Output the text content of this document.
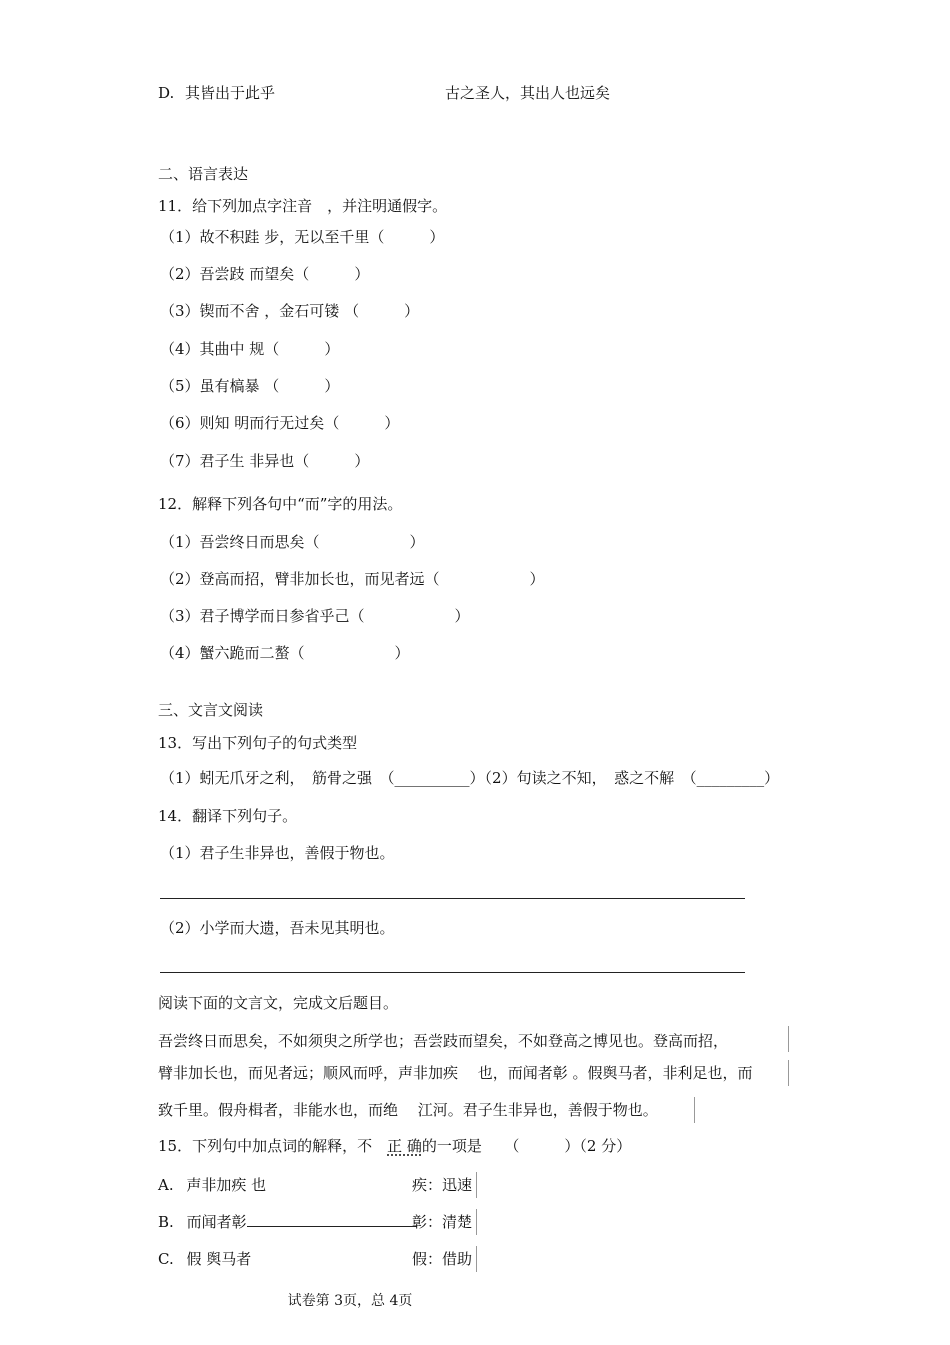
D. 其皆出于此乎	古之圣人，其出人也远矣
二、语言表达
11．给下列加点字注音　，并注明通假字。
（1）故不积跬 步，无以至千里（　　　）
（2）吾尝跂 而望矣（　　　）
（3）锲而不舍 ，金石可镂 （　　　）
（4）其曲中 规（　　　）
（5）虽有槁暴 （　　　）
（6）则知 明而行无过矣（　　　）
（7）君子生 非异也（　　　）
12．解释下列各句中“而”字的用法。
（1）吾尝终日而思矣（　　　　　　）
（2）登高而招，臂非加长也，而见者远（　　　　　　）
（3）君子博学而日参省乎己（　　　　　　）
（4）蟹六跪而二螯（　　　　　　）
三、文言文阅读
13．写出下列句子的句式类型
（1）蚓无爪牙之利，　筋骨之强　（__________）（2）句读之不知，　惑之不解　（_________）
14．翻译下列句子。
（1）君子生非异也，善假于物也。
（2）小学而大遗，吾未见其明也。
阅读下面的文言文，完成文后题目。
吾尝终日而思矣，不如须臾之所学也；吾尝跂而望矣，不如登高之博见也。登高而招，
臂非加长也，而见者远；顺风而呼，声非加疾　 也，而闻者彰 。假舆马者，非利足也，而
致千里。假舟楫者，非能水也，而绝　 江河。君子生非异也，善假于物也。
15．下列句中加点词的解释，不　正 确的一项是　　（　　　）（2 分）
A. 声非加疾 也	疾：迅速
B. 而闻者彰	彰：清楚
C. 假 舆马者	假：借助
试卷第 3页，总 4页
